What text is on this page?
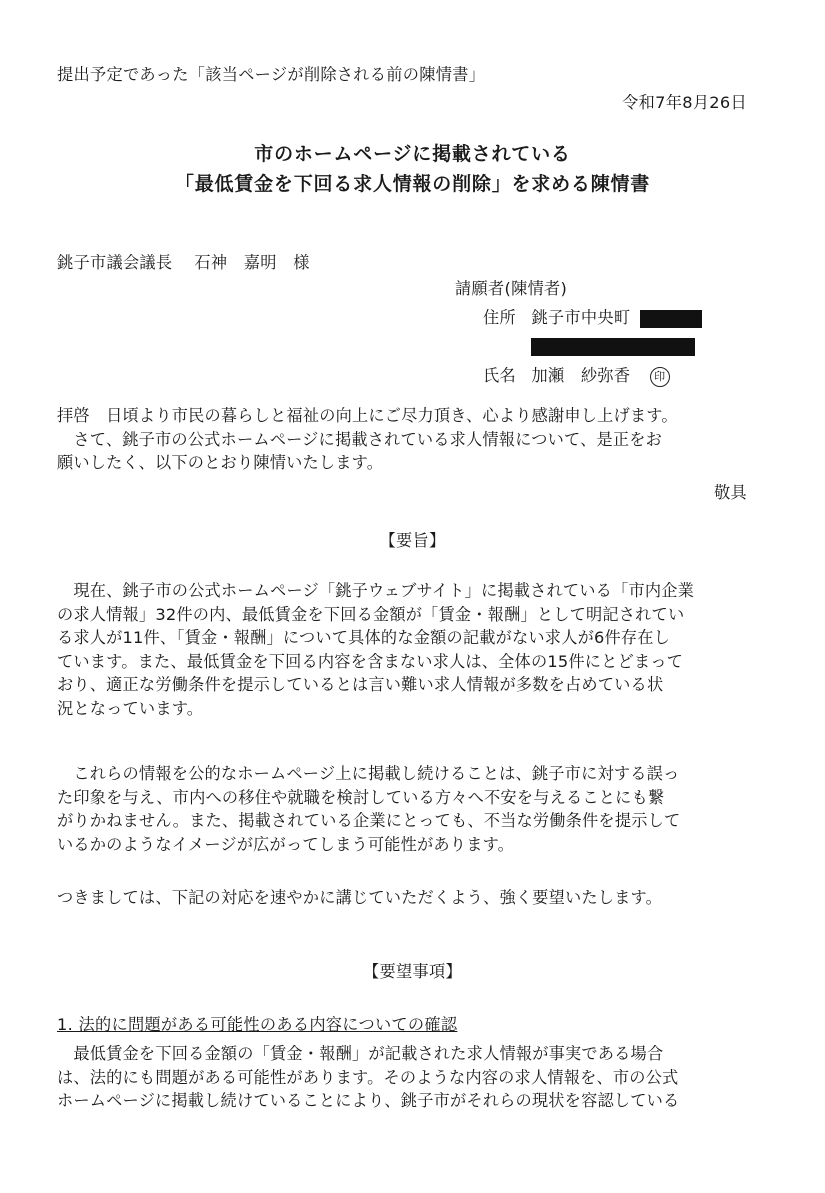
提出予定であった「該当ページが削除される前の陳情書」
令和7年8月26日
市のホームページに掲載されている
「最低賃金を下回る求人情報の削除」を求める陳情書
銚子市議会議長　 石神　嘉明　様
請願者(陳情者)
住所 銚子市中央町
氏名 加瀬　紗弥香 印
拝啓　日頃より市民の暮らしと福祉の向上にご尽力頂き、心より感謝申し上げます。
　さて、銚子市の公式ホームページに掲載されている求人情報について、是正をお
願いしたく、以下のとおり陳情いたします。
敬具
【要旨】
　現在、銚子市の公式ホームページ「銚子ウェブサイト」に掲載されている「市内企業
の求人情報」32件の内、最低賃金を下回る金額が「賃金・報酬」として明記されてい
る求人が11件、「賃金・報酬」について具体的な金額の記載がない求人が6件存在し
ています。また、最低賃金を下回る内容を含まない求人は、全体の15件にとどまって
おり、適正な労働条件を提示しているとは言い難い求人情報が多数を占めている状
況となっています。
　これらの情報を公的なホームページ上に掲載し続けることは、銚子市に対する誤っ
た印象を与え、市内への移住や就職を検討している方々へ不安を与えることにも繋
がりかねません。また、掲載されている企業にとっても、不当な労働条件を提示して
いるかのようなイメージが広がってしまう可能性があります。
つきましては、下記の対応を速やかに講じていただくよう、強く要望いたします。
【要望事項】
1. 法的に問題がある可能性のある内容についての確認
　最低賃金を下回る金額の「賃金・報酬」が記載された求人情報が事実である場合
は、法的にも問題がある可能性があります。そのような内容の求人情報を、市の公式
ホームページに掲載し続けていることにより、銚子市がそれらの現状を容認している
